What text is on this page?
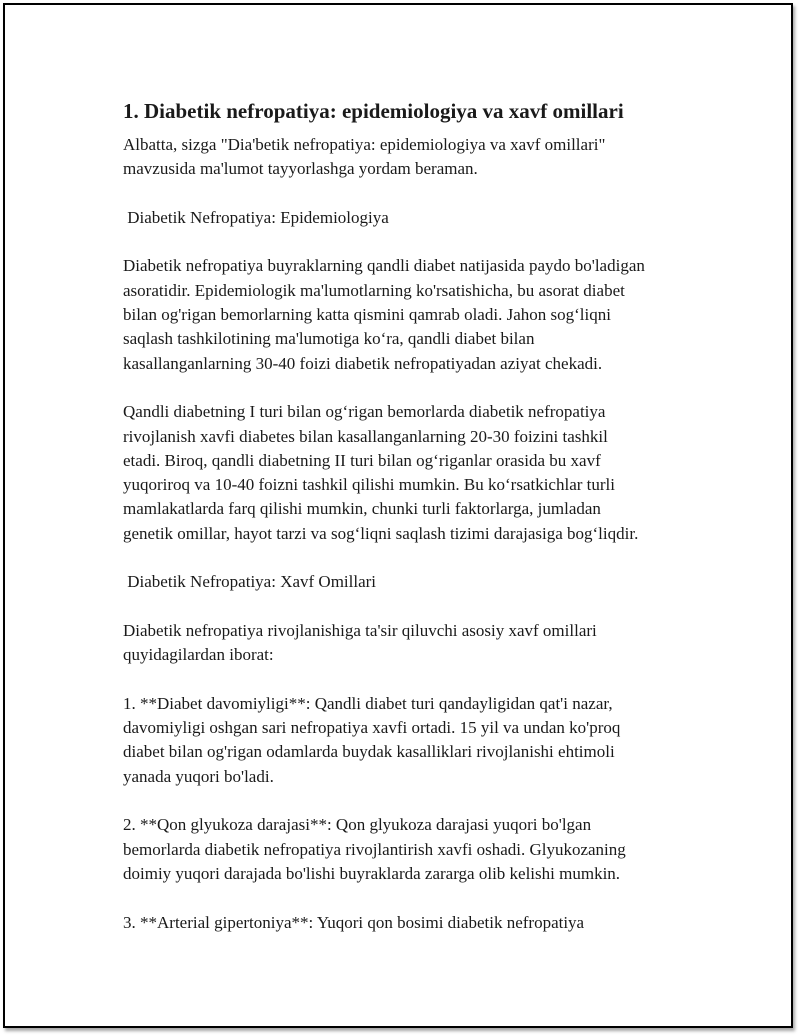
1. Diabetik nefropatiya: epidemiologiya va xavf omillari

Albatta, sizga "Dia'betik nefropatiya: epidemiologiya va xavf omillari"
mavzusida ma'lumot tayyorlashga yordam beraman.

Diabetik Nefropatiya: Epidemiologiya

Diabetik nefropatiya buyraklarning qandli diabet natijasida paydo bo'ladigan
asoratidir. Epidemiologik ma'lumotlarning ko'rsatishicha, bu asorat diabet
bilan og'rigan bemorlarning katta qismini qamrab oladi. Jahon sog‘liqni
saqlash tashkilotining ma'lumotiga ko‘ra, qandli diabet bilan
kasallanganlarning 30-40 foizi diabetik nefropatiyadan aziyat chekadi.

Qandli diabetning I turi bilan og‘rigan bemorlarda diabetik nefropatiya
rivojlanish xavfi diabetes bilan kasallanganlarning 20-30 foizini tashkil
etadi. Biroq, qandli diabetning II turi bilan og‘riganlar orasida bu xavf
yuqoriroq va 10-40 foizni tashkil qilishi mumkin. Bu ko‘rsatkichlar turli
mamlakatlarda farq qilishi mumkin, chunki turli faktorlarga, jumladan
genetik omillar, hayot tarzi va sog‘liqni saqlash tizimi darajasiga bog‘liqdir.

Diabetik Nefropatiya: Xavf Omillari

Diabetik nefropatiya rivojlanishiga ta'sir qiluvchi asosiy xavf omillari
quyidagilardan iborat:

1. **Diabet davomiyligi**: Qandli diabet turi qandayligidan qat'i nazar,
davomiyligi oshgan sari nefropatiya xavfi ortadi. 15 yil va undan ko'proq
diabet bilan og'rigan odamlarda buydak kasalliklari rivojlanishi ehtimoli
yanada yuqori bo'ladi.

2. **Qon glyukoza darajasi**: Qon glyukoza darajasi yuqori bo'lgan
bemorlarda diabetik nefropatiya rivojlantirish xavfi oshadi. Glyukozaning
doimiy yuqori darajada bo'lishi buyraklarda zararga olib kelishi mumkin.

3. **Arterial gipertoniya**: Yuqori qon bosimi diabetik nefropatiya
